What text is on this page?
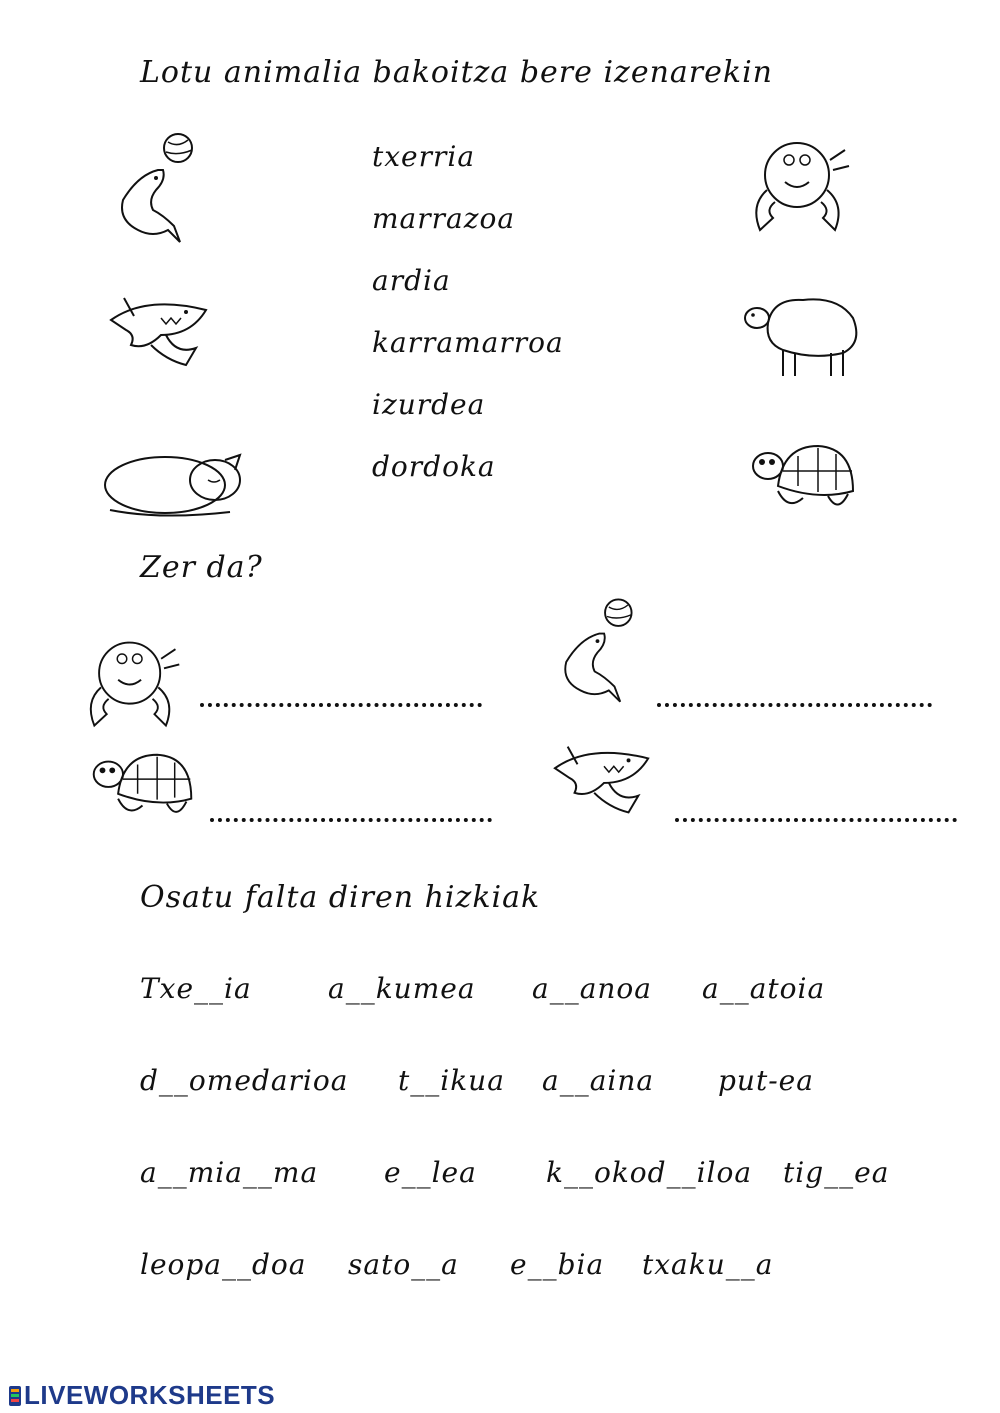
Lotu animalia bakoitza bere izenarekin
txerria
marrazoa
ardia
karramarroa
izurdea
dordoka
Zer da?
Osatu falta diren hizkiak
Txe__ia	a__kumea a__anoa a__atoia
d__omedarioa t__ikua a__aina put-ea
a__mia__ma e__lea k__okod__iloa tig__ea
leopa__doa sato__a e__bia txaku__a
LIVEWORKSHEETS
